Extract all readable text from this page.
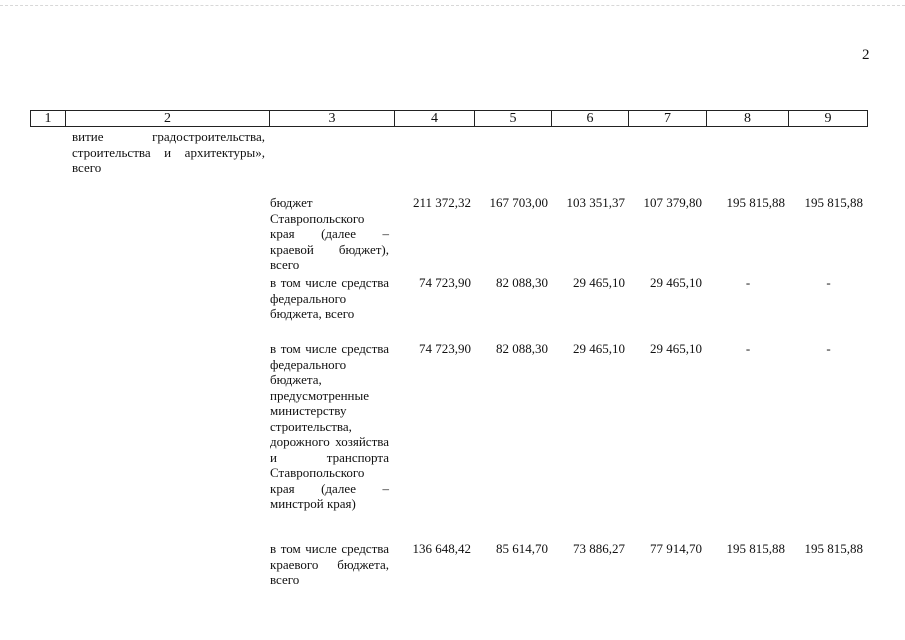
2
1	2	3	4	5	6	7	8	9
витие градостроительства, строительства и архитектуры», всего
бюджет Ставропольского края (далее – краевой бюджет), всего
211 372,32	167 703,00	103 351,37	107 379,80	195 815,88	195 815,88
в том числе средства федерального бюджета, всего
74 723,90	82 088,30	29 465,10	29 465,10	-	-
в том числе средства федерального бюджета, предусмотренные министерству строительства, дорожного хозяйства и транспорта Ставропольского края (далее – минстрой края)
74 723,90	82 088,30	29 465,10	29 465,10	-	-
в том числе средства краевого бюджета, всего
136 648,42	85 614,70	73 886,27	77 914,70	195 815,88	195 815,88
